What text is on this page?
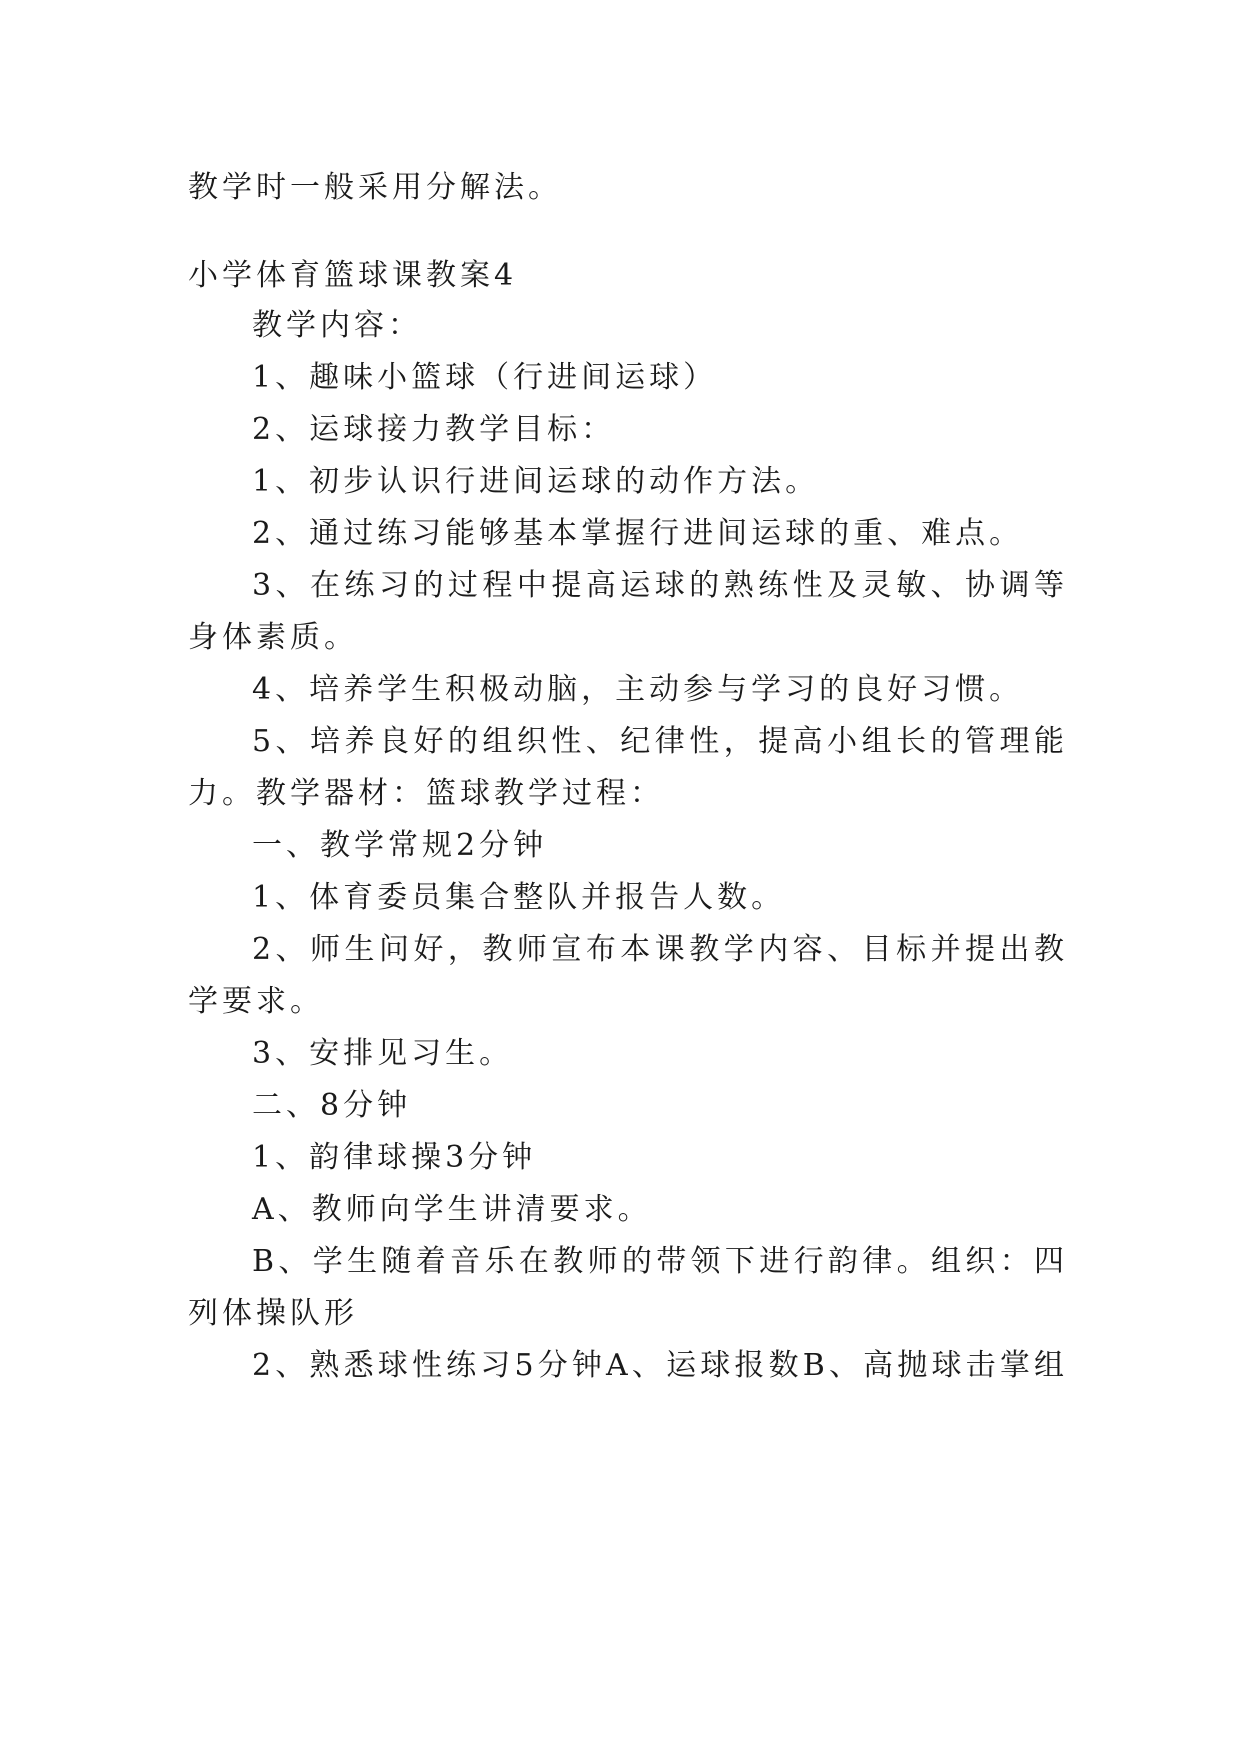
教学时一般采用分解法。
小学体育篮球课教案4
教学内容：
1、趣味小篮球（行进间运球）
2、运球接力教学目标：
1、初步认识行进间运球的动作方法。
2、通过练习能够基本掌握行进间运球的重、难点。
3、在练习的过程中提高运球的熟练性及灵敏、协调等
身体素质。
4、培养学生积极动脑，主动参与学习的良好习惯。
5、培养良好的组织性、纪律性，提高小组长的管理能
力。教学器材：篮球教学过程：
一、教学常规2分钟
1、体育委员集合整队并报告人数。
2、师生问好，教师宣布本课教学内容、目标并提出教
学要求。
3、安排见习生。
二、8分钟
1、韵律球操3分钟
A、教师向学生讲清要求。
B、学生随着音乐在教师的带领下进行韵律。组织：四
列体操队形
2、熟悉球性练习5分钟A、运球报数B、高抛球击掌组
